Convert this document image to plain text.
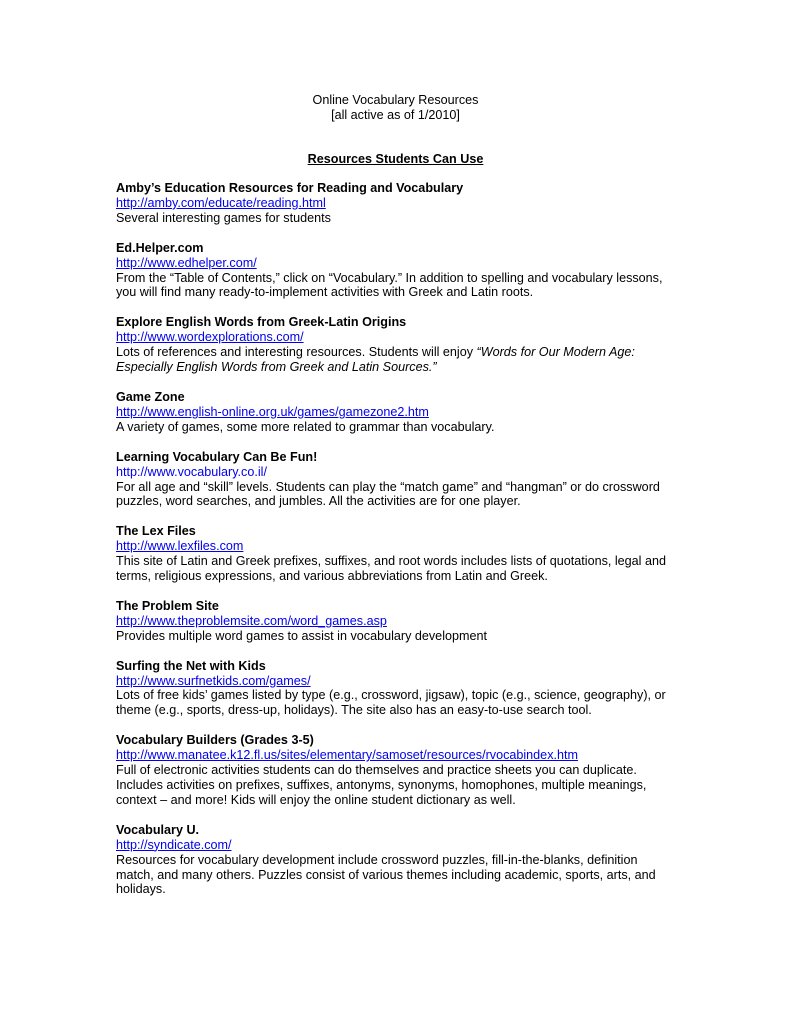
Online Vocabulary Resources
[all active as of 1/2010]
Resources Students Can Use
Amby’s Education Resources for Reading and Vocabulary
http://amby.com/educate/reading.html
Several interesting games for students
Ed.Helper.com
http://www.edhelper.com/
From the “Table of Contents,” click on “Vocabulary.” In addition to spelling and vocabulary lessons, you will find many ready-to-implement activities with Greek and Latin roots.
Explore English Words from Greek-Latin Origins
http://www.wordexplorations.com/
Lots of references and interesting resources. Students will enjoy “Words for Our Modern Age: Especially English Words from Greek and Latin Sources.”
Game Zone
http://www.english-online.org.uk/games/gamezone2.htm
A variety of games, some more related to grammar than vocabulary.
Learning Vocabulary Can Be Fun!
http://www.vocabulary.co.il/
For all age and “skill” levels. Students can play the “match game” and “hangman” or do crossword puzzles, word searches, and jumbles. All the activities are for one player.
The Lex Files
http://www.lexfiles.com
This site of Latin and Greek prefixes, suffixes, and root words includes lists of quotations, legal and terms, religious expressions, and various abbreviations from Latin and Greek.
The Problem Site
http://www.theproblemsite.com/word_games.asp
Provides multiple word games to assist in vocabulary development
Surfing the Net with Kids
http://www.surfnetkids.com/games/
Lots of free kids’ games listed by type (e.g., crossword, jigsaw), topic (e.g., science, geography), or theme (e.g., sports, dress-up, holidays). The site also has an easy-to-use search tool.
Vocabulary Builders (Grades 3-5)
http://www.manatee.k12.fl.us/sites/elementary/samoset/resources/rvocabindex.htm
Full of electronic activities students can do themselves and practice sheets you can duplicate. Includes activities on prefixes, suffixes, antonyms, synonyms, homophones, multiple meanings, context – and more! Kids will enjoy the online student dictionary as well.
Vocabulary U.
http://syndicate.com/
Resources for vocabulary development include crossword puzzles, fill-in-the-blanks, definition match, and many others. Puzzles consist of various themes including academic, sports, arts, and holidays.
